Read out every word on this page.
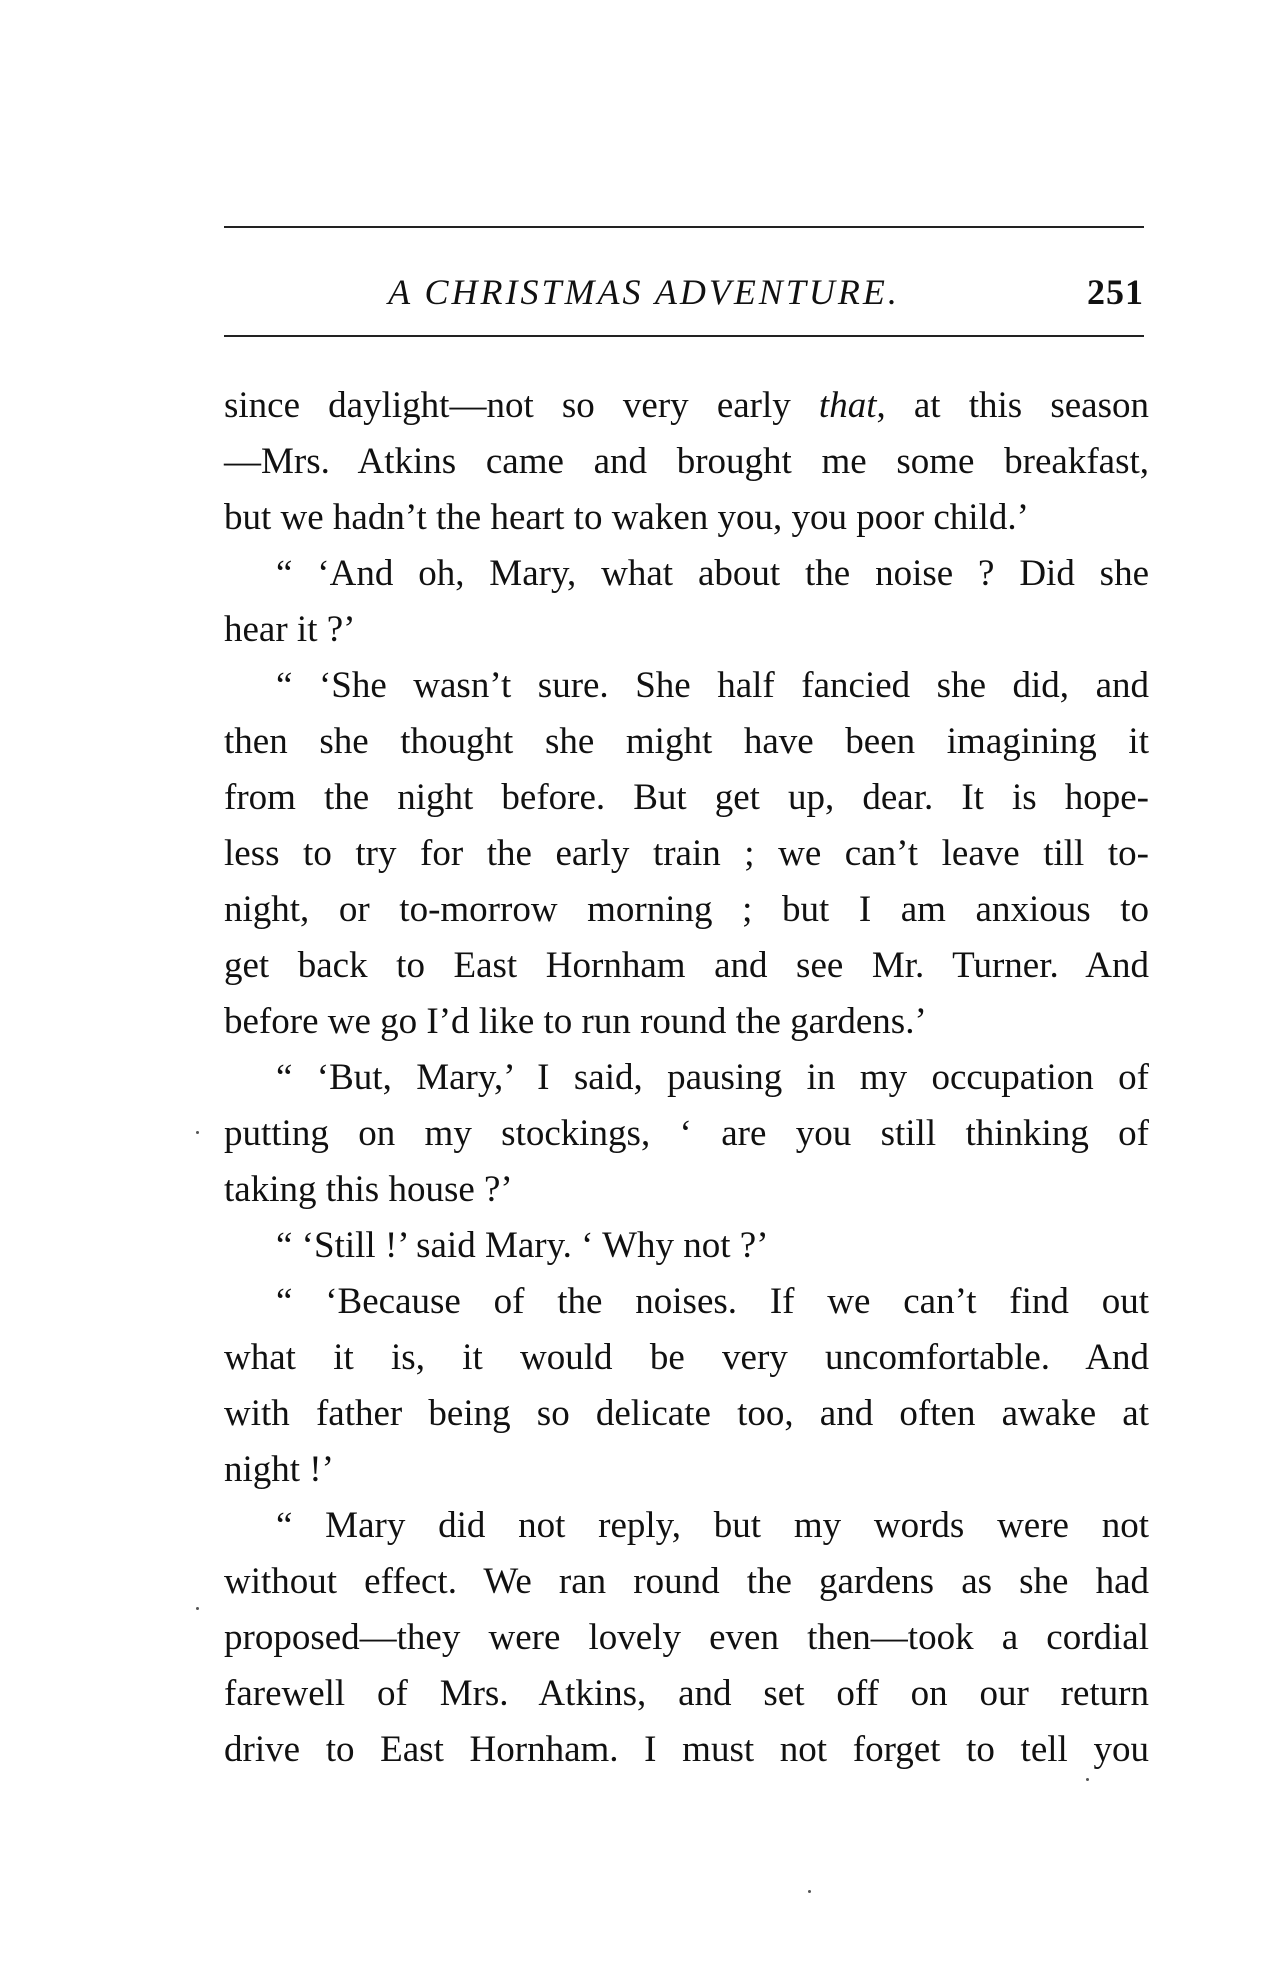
A CHRISTMAS ADVENTURE.	251
since daylight—not so very early that, at this season
—Mrs. Atkins came and brought me some breakfast,
but we hadn’t the heart to waken you, you poor child.’
“ ‘And oh, Mary, what about the noise ? Did she
hear it ?’
“ ‘She wasn’t sure. She half fancied she did, and
then she thought she might have been imagining it
from the night before. But get up, dear. It is hope-
less to try for the early train ; we can’t leave till to-
night, or to-morrow morning ; but I am anxious to
get back to East Hornham and see Mr. Turner. And
before we go I’d like to run round the gardens.’
“ ‘But, Mary,’ I said, pausing in my occupation of
putting on my stockings, ‘ are you still thinking of
taking this house ?’
“ ‘Still !’ said Mary. ‘ Why not ?’
“ ‘Because of the noises. If we can’t find out
what it is, it would be very uncomfortable. And
with father being so delicate too, and often awake at
night !’
“ Mary did not reply, but my words were not
without effect. We ran round the gardens as she had
proposed—they were lovely even then—took a cordial
farewell of Mrs. Atkins, and set off on our return
drive to East Hornham. I must not forget to tell you
